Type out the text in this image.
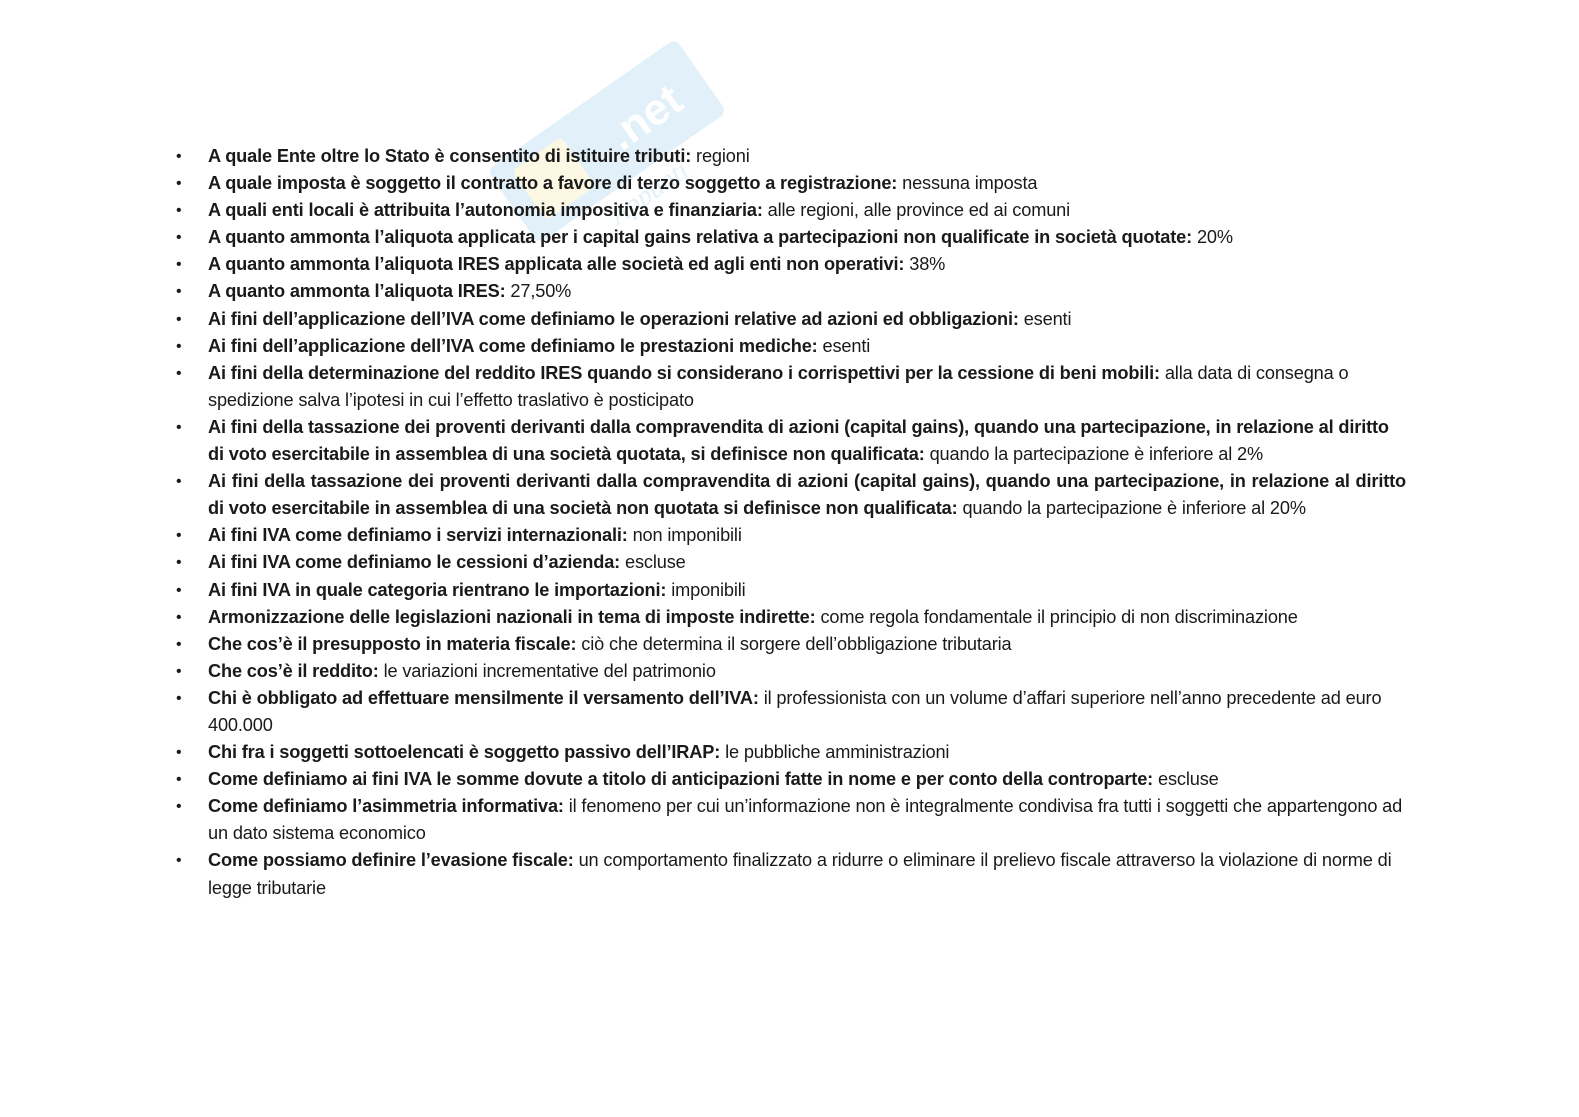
.net
Appunti
• A quale Ente oltre lo Stato è consentito di istituire tributi: regioni
• A quale imposta è soggetto il contratto a favore di terzo soggetto a registrazione: nessuna imposta
• A quali enti locali è attribuita l’autonomia impositiva e finanziaria: alle regioni, alle province ed ai comuni
• A quanto ammonta l’aliquota applicata per i capital gains relativa a partecipazioni non qualificate in società quotate: 20%
• A quanto ammonta l’aliquota IRES applicata alle società ed agli enti non operativi: 38%
• A quanto ammonta l’aliquota IRES: 27,50%
• Ai fini dell’applicazione dell’IVA come definiamo le operazioni relative ad azioni ed obbligazioni: esenti
• Ai fini dell’applicazione dell’IVA come definiamo le prestazioni mediche: esenti
• Ai fini della determinazione del reddito IRES quando si considerano i corrispettivi per la cessione di beni mobili: alla data di consegna o spedizione salva l’ipotesi in cui l’effetto traslativo è posticipato
• Ai fini della tassazione dei proventi derivanti dalla compravendita di azioni (capital gains), quando una partecipazione, in relazione al diritto di voto esercitabile in assemblea di una società quotata, si definisce non qualificata: quando la partecipazione è inferiore al 2%
• Ai fini della tassazione dei proventi derivanti dalla compravendita di azioni (capital gains), quando una partecipazione, in relazione al diritto di voto esercitabile in assemblea di una società non quotata si definisce non qualificata: quando la partecipazione è inferiore al 20%
• Ai fini IVA come definiamo i servizi internazionali: non imponibili
• Ai fini IVA come definiamo le cessioni d’azienda: escluse
• Ai fini IVA in quale categoria rientrano le importazioni: imponibili
• Armonizzazione delle legislazioni nazionali in tema di imposte indirette: come regola fondamentale il principio di non discriminazione
• Che cos’è il presupposto in materia fiscale: ciò che determina il sorgere dell’obbligazione tributaria
• Che cos’è il reddito: le variazioni incrementative del patrimonio
• Chi è obbligato ad effettuare mensilmente il versamento dell’IVA: il professionista con un volume d’affari superiore nell’anno precedente ad euro 400.000
• Chi fra i soggetti sottoelencati è soggetto passivo dell’IRAP: le pubbliche amministrazioni
• Come definiamo ai fini IVA le somme dovute a titolo di anticipazioni fatte in nome e per conto della controparte: escluse
• Come definiamo l’asimmetria informativa: il fenomeno per cui un’informazione non è integralmente condivisa fra tutti i soggetti che appartengono ad un dato sistema economico
• Come possiamo definire l’evasione fiscale: un comportamento finalizzato a ridurre o eliminare il prelievo fiscale attraverso la violazione di norme di legge tributarie
